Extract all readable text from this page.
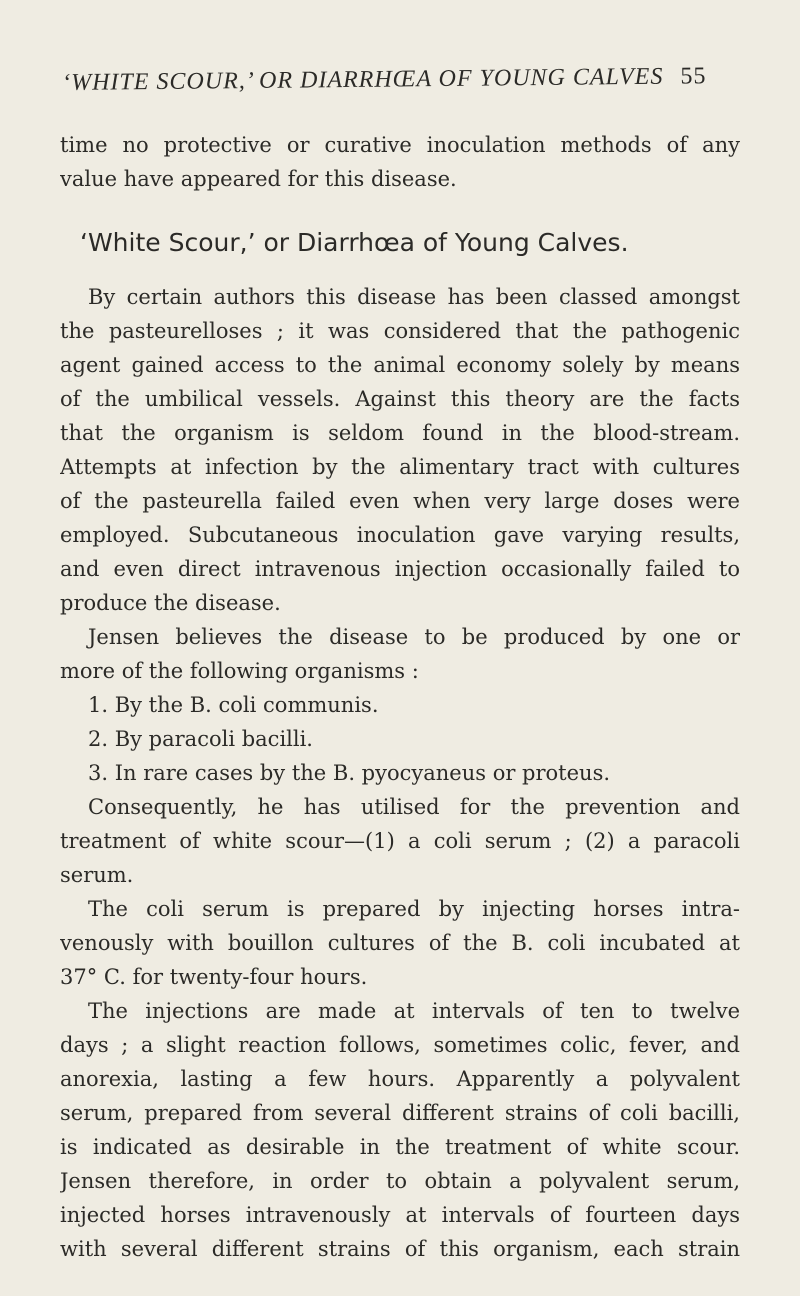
‘WHITE SCOUR,’ OR DIARRHŒA OF YOUNG CALVES 55
time no protective or curative inoculation methods of any
value have appeared for this disease.
‘White Scour,’ or Diarrhœa of Young Calves.
By certain authors this disease has been classed amongst
the pasteurelloses ; it was considered that the pathogenic
agent gained access to the animal economy solely by means
of the umbilical vessels. Against this theory are the facts
that the organism is seldom found in the blood-stream.
Attempts at infection by the alimentary tract with cultures
of the pasteurella failed even when very large doses were
employed. Subcutaneous inoculation gave varying results,
and even direct intravenous injection occasionally failed to
produce the disease.
Jensen believes the disease to be produced by one or
more of the following organisms :
1. By the B. coli communis.
2. By paracoli bacilli.
3. In rare cases by the B. pyocyaneus or proteus.
Consequently, he has utilised for the prevention and
treatment of white scour—(1) a coli serum ; (2) a paracoli
serum.
The coli serum is prepared by injecting horses intra-
venously with bouillon cultures of the B. coli incubated at
37° C. for twenty-four hours.
The injections are made at intervals of ten to twelve
days ; a slight reaction follows, sometimes colic, fever, and
anorexia, lasting a few hours. Apparently a polyvalent
serum, prepared from several different strains of coli bacilli,
is indicated as desirable in the treatment of white scour.
Jensen therefore, in order to obtain a polyvalent serum,
injected horses intravenously at intervals of fourteen days
with several different strains of this organism, each strain
